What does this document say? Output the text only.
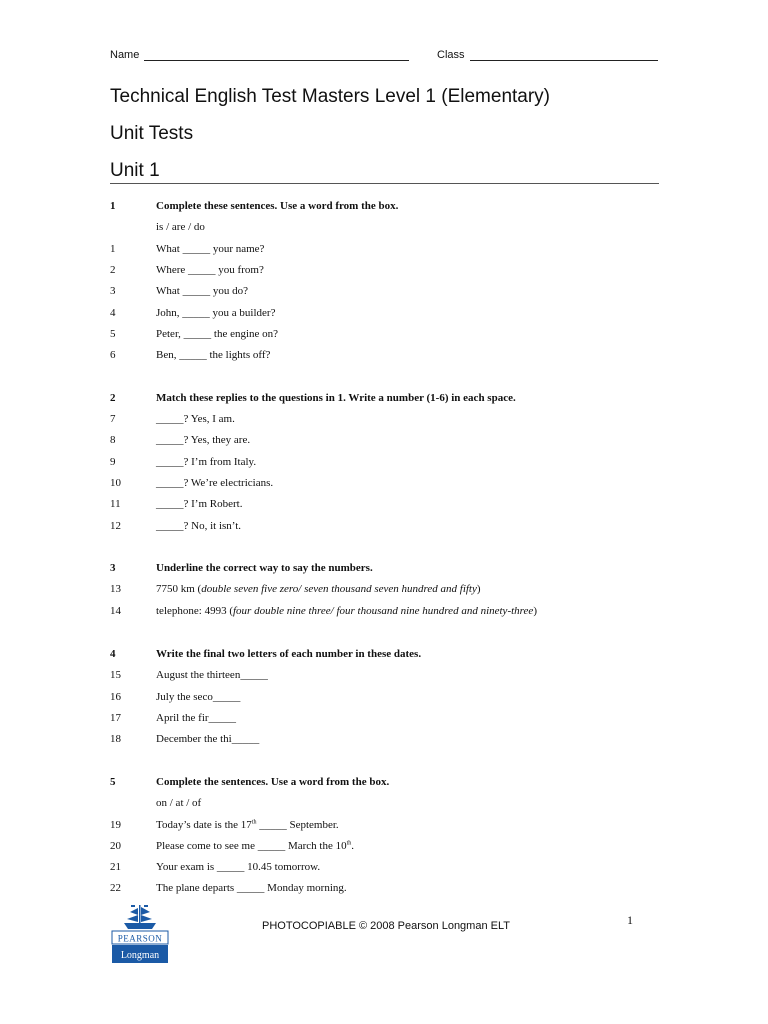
Name	Class
Technical English Test Masters Level 1 (Elementary)
Unit Tests
Unit 1
1	Complete these sentences. Use a word from the box.
is / are / do
1	What _____ your name?
2	Where _____ you from?
3	What _____ you do?
4	John, _____ you a builder?
5	Peter, _____ the engine on?
6	Ben, _____ the lights off?
2	Match these replies to the questions in 1. Write a number (1-6) in each space.
7	_____? Yes, I am.
8	_____? Yes, they are.
9	_____? I’m from Italy.
10	_____? We’re electricians.
11	_____? I’m Robert.
12	_____? No, it isn’t.
3	Underline the correct way to say the numbers.
13	7750 km (double seven five zero/ seven thousand seven hundred and fifty)
14	telephone: 4993 (four double nine three/ four thousand nine hundred and ninety-three)
4	Write the final two letters of each number in these dates.
15	August the thirteen_____
16	July the seco_____
17	April the fir_____
18	December the thi_____
5	Complete the sentences. Use a word from the box.
on / at / of
19	Today’s date is the 17th _____ September.
20	Please come to see me _____ March the 10th.
21	Your exam is _____ 10.45 tomorrow.
22	The plane departs _____ Monday morning.
PEARSON
Longman
PHOTOCOPIABLE © 2008 Pearson Longman ELT	1
